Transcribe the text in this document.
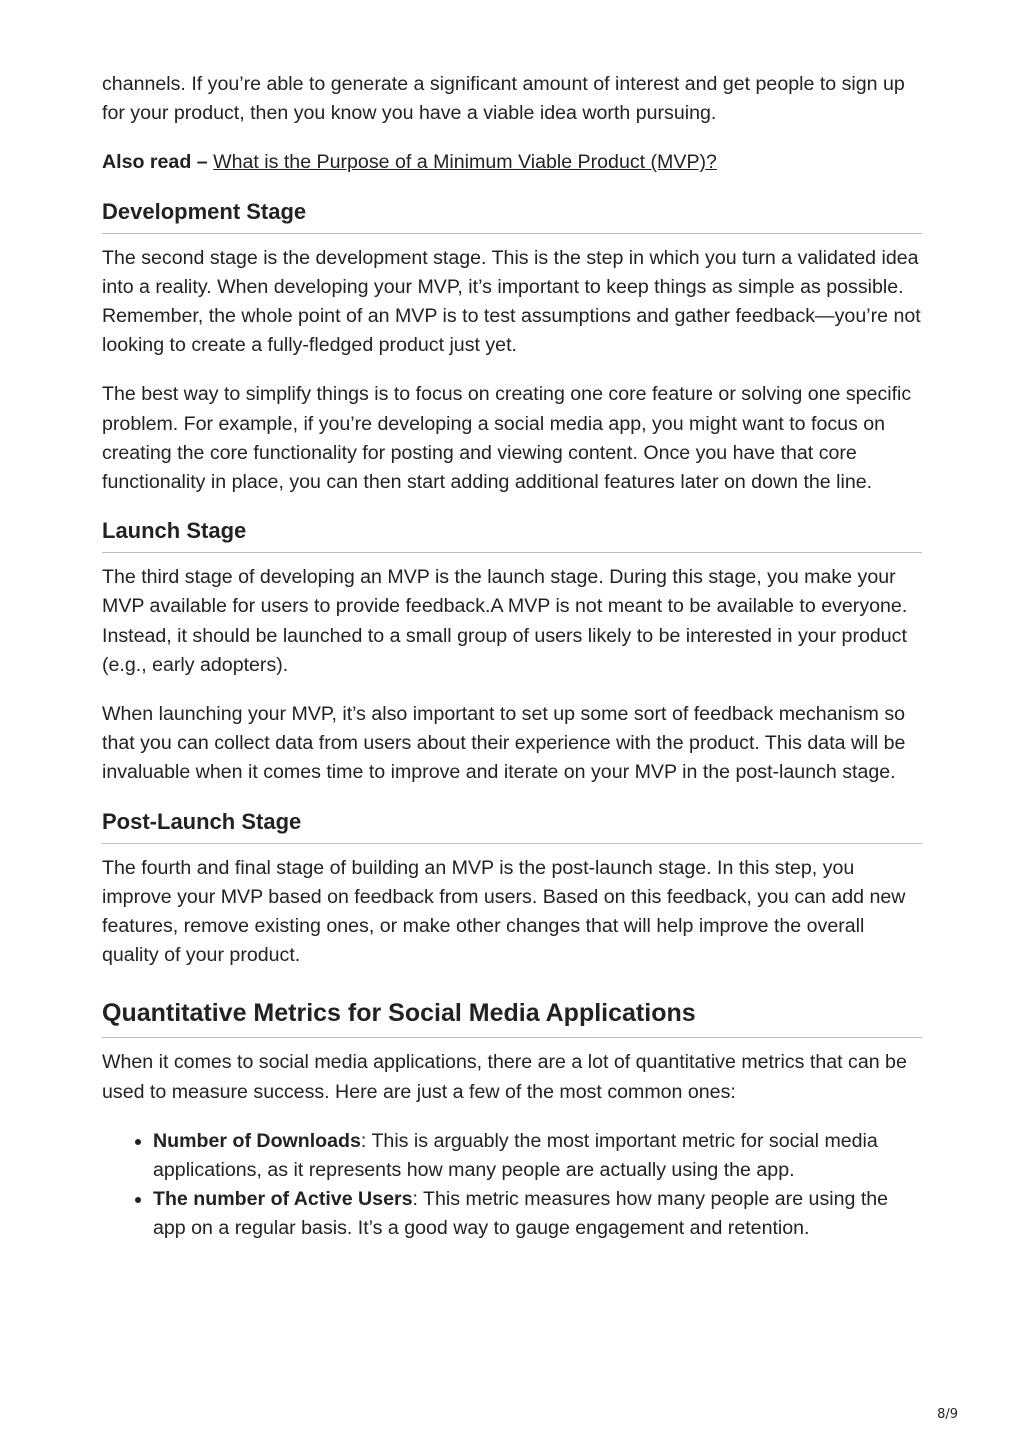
channels. If you’re able to generate a significant amount of interest and get people to sign up for your product, then you know you have a viable idea worth pursuing.

Also read – What is the Purpose of a Minimum Viable Product (MVP)?

Development Stage

The second stage is the development stage. This is the step in which you turn a validated idea into a reality. When developing your MVP, it’s important to keep things as simple as possible. Remember, the whole point of an MVP is to test assumptions and gather feedback—you’re not looking to create a fully-fledged product just yet.

The best way to simplify things is to focus on creating one core feature or solving one specific problem. For example, if you’re developing a social media app, you might want to focus on creating the core functionality for posting and viewing content. Once you have that core functionality in place, you can then start adding additional features later on down the line.

Launch Stage

The third stage of developing an MVP is the launch stage. During this stage, you make your MVP available for users to provide feedback.A MVP is not meant to be available to everyone. Instead, it should be launched to a small group of users likely to be interested in your product (e.g., early adopters).

When launching your MVP, it’s also important to set up some sort of feedback mechanism so that you can collect data from users about their experience with the product. This data will be invaluable when it comes time to improve and iterate on your MVP in the post-launch stage.

Post-Launch Stage

The fourth and final stage of building an MVP is the post-launch stage. In this step, you improve your MVP based on feedback from users. Based on this feedback, you can add new features, remove existing ones, or make other changes that will help improve the overall quality of your product.

Quantitative Metrics for Social Media Applications

When it comes to social media applications, there are a lot of quantitative metrics that can be used to measure success. Here are just a few of the most common ones:

Number of Downloads: This is arguably the most important metric for social media applications, as it represents how many people are actually using the app.
The number of Active Users: This metric measures how many people are using the app on a regular basis. It’s a good way to gauge engagement and retention.
8/9
